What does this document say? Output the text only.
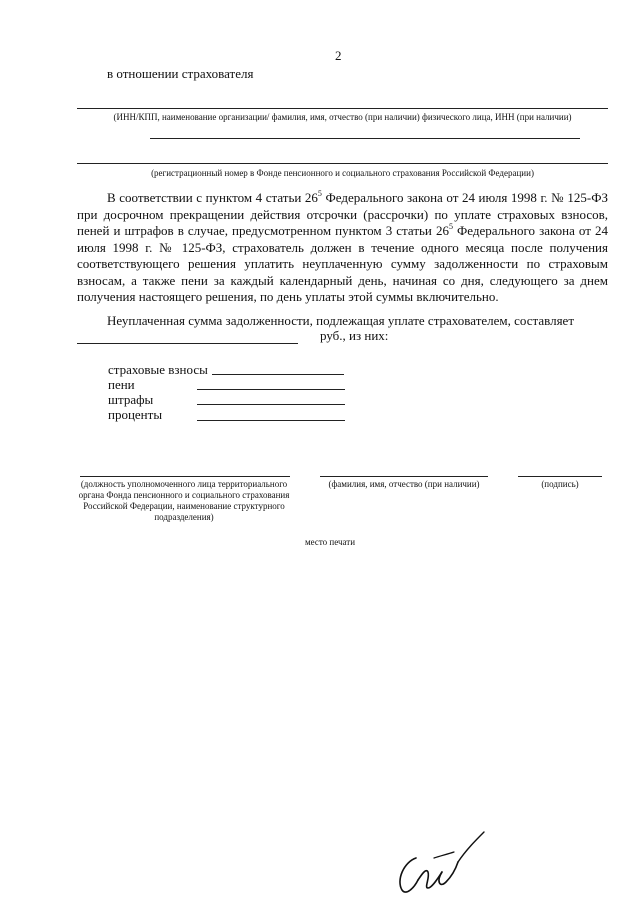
2
в отношении страхователя
(ИНН/КПП, наименование организации/ фамилия, имя, отчество (при наличии) физического лица, ИНН (при наличии)
(регистрационный номер в Фонде пенсионного и социального страхования Российской Федерации)
В соответствии с пунктом 4 статьи $26^5$ Федерального закона от 24 июля 1998 г. № 125-ФЗ при досрочном прекращении действия отсрочки (рассрочки) по уплате страховых взносов, пеней и штрафов в случае, предусмотренном пунктом 3 статьи $26^5$ Федерального закона от 24 июля 1998 г. № 125-ФЗ, страхователь должен в течение одного месяца после получения соответствующего решения уплатить неуплаченную сумму задолженности по страховым взносам, а также пени за каждый календарный день, начиная со дня, следующего за днем получения настоящего решения, по день уплаты этой суммы включительно.
Неуплаченная сумма задолженности, подлежащая уплате страхователем, составляет
руб., из них:
страховые взносы
пени
штрафы
проценты
(должность уполномоченного лица территориального органа Фонда пенсионного и социального страхования Российской Федерации, наименование структурного подразделения)
(фамилия, имя, отчество (при наличии)	(подпись)
место печати
